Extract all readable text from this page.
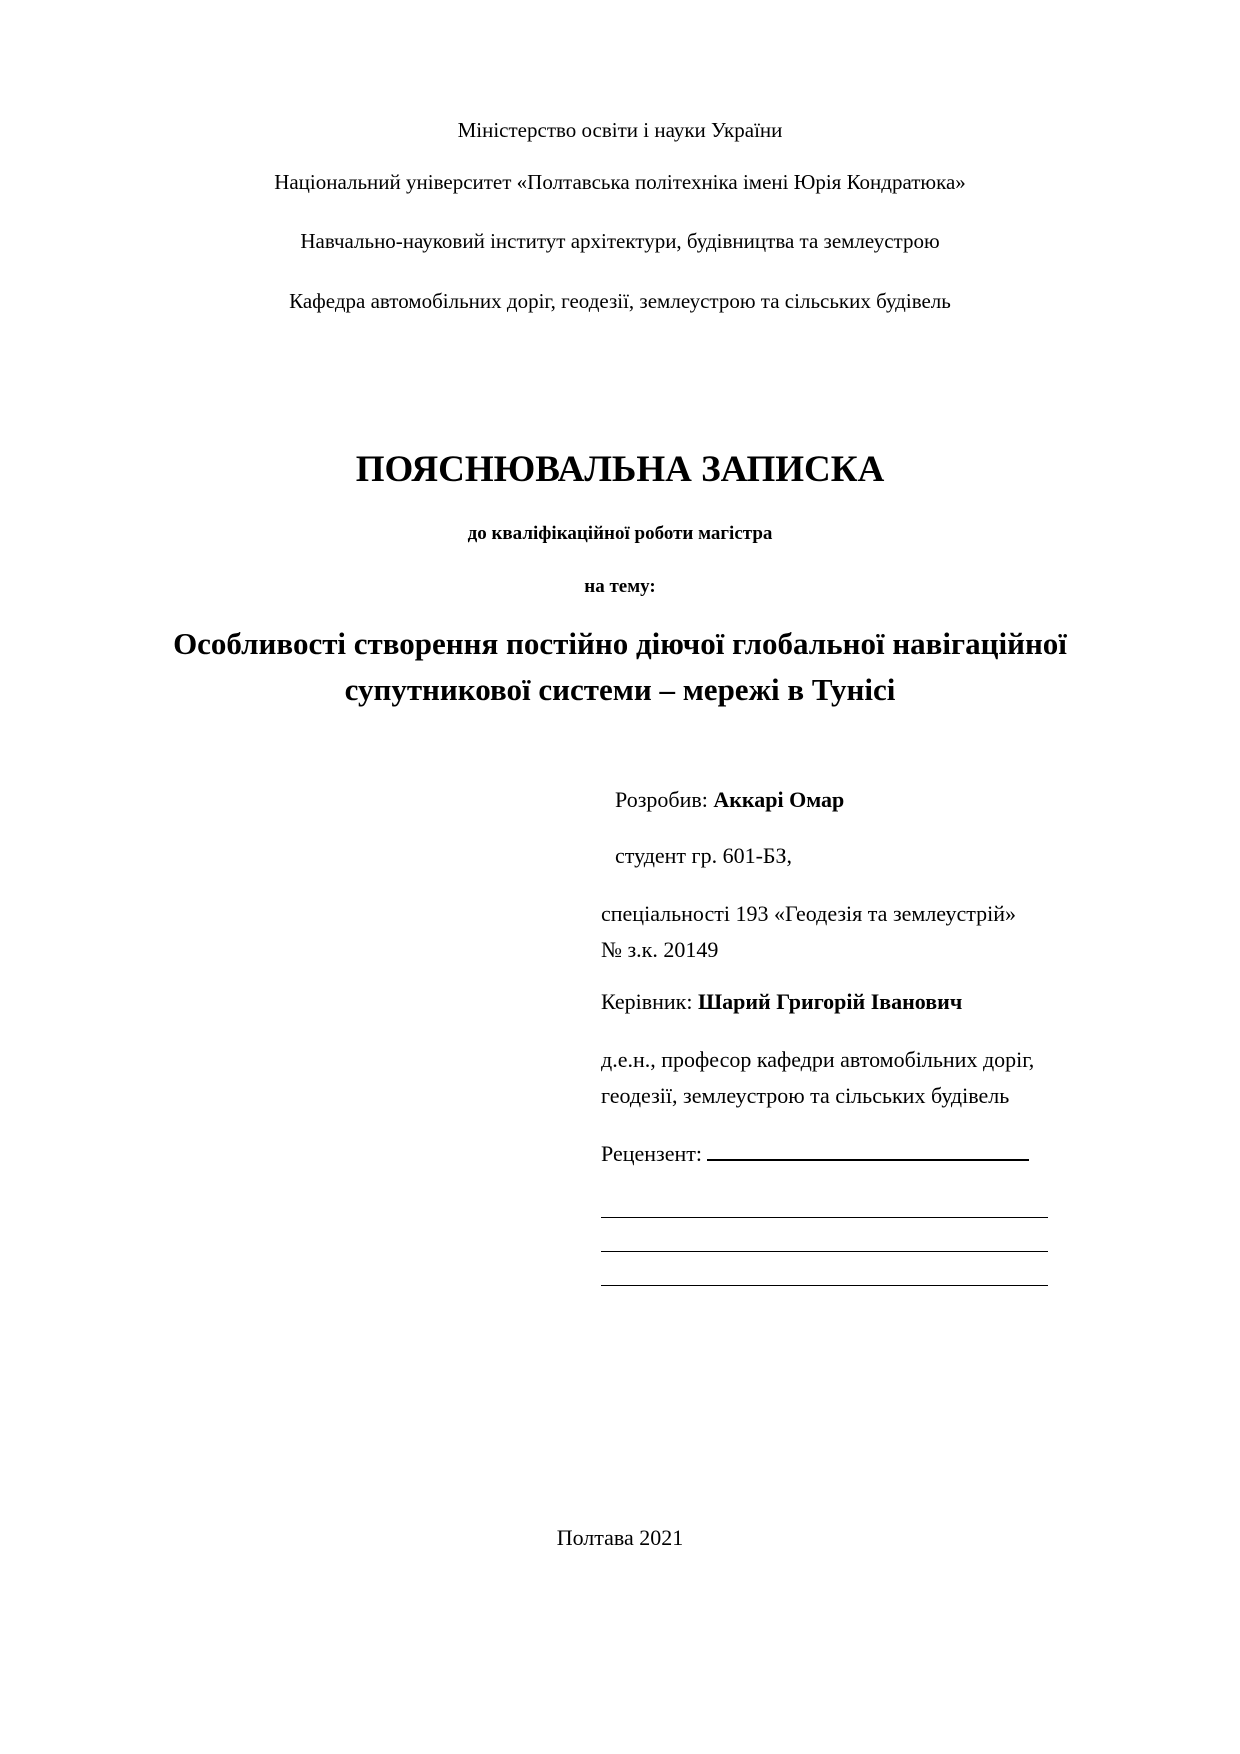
Міністерство освіти і науки України
Національний університет «Полтавська політехніка імені Юрія Кондратюка»
Навчально-науковий інститут архітектури, будівництва та землеустрою
Кафедра автомобільних доріг, геодезії, землеустрою та сільських будівель
ПОЯСНЮВАЛЬНА ЗАПИСКА
до кваліфікаційної роботи магістра
на тему:
Особливості створення постійно діючої глобальної навігаційної
супутникової системи – мережі в Тунісі
Розробив: Аккарі Омар
студент гр. 601-БЗ,
спеціальності 193 «Геодезія та землеустрій»
№ з.к. 20149
Керівник: Шарий Григорій Іванович
д.е.н., професор кафедри автомобільних доріг,
геодезії, землеустрою та сільських будівель
Рецензент:
Полтава 2021
